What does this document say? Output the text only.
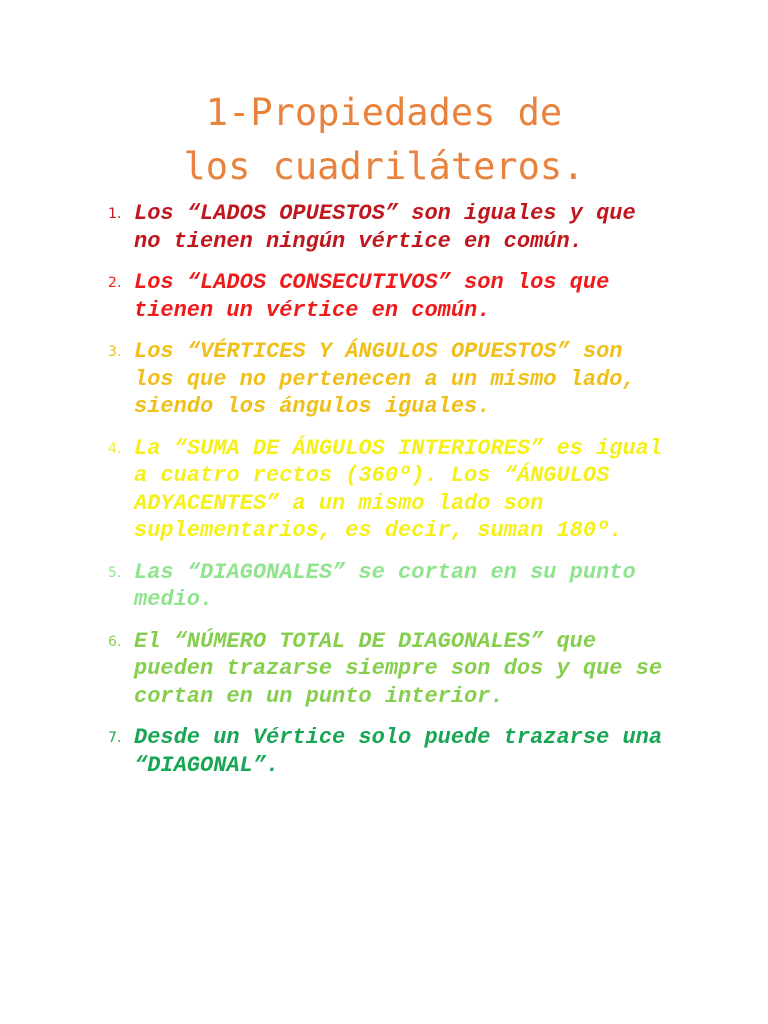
1-Propiedades de
los cuadriláteros.
1. Los “LADOS OPUESTOS” son iguales y que no tienen ningún vértice en común.
2. Los “LADOS CONSECUTIVOS” son los que tienen un vértice en común.
3. Los “VÉRTICES Y ÁNGULOS OPUESTOS” son los que no pertenecen a un mismo lado, siendo los ángulos iguales.
4. La “SUMA DE ÁNGULOS INTERIORES” es igual a cuatro rectos (360º). Los “ÁNGULOS ADYACENTES” a un mismo lado son suplementarios, es decir, suman 180º.
5. Las “DIAGONALES” se cortan en su punto medio.
6. El “NÚMERO TOTAL DE DIAGONALES” que pueden trazarse siempre son dos y que se cortan en un punto interior.
7. Desde un Vértice solo puede trazarse una “DIAGONAL”.
